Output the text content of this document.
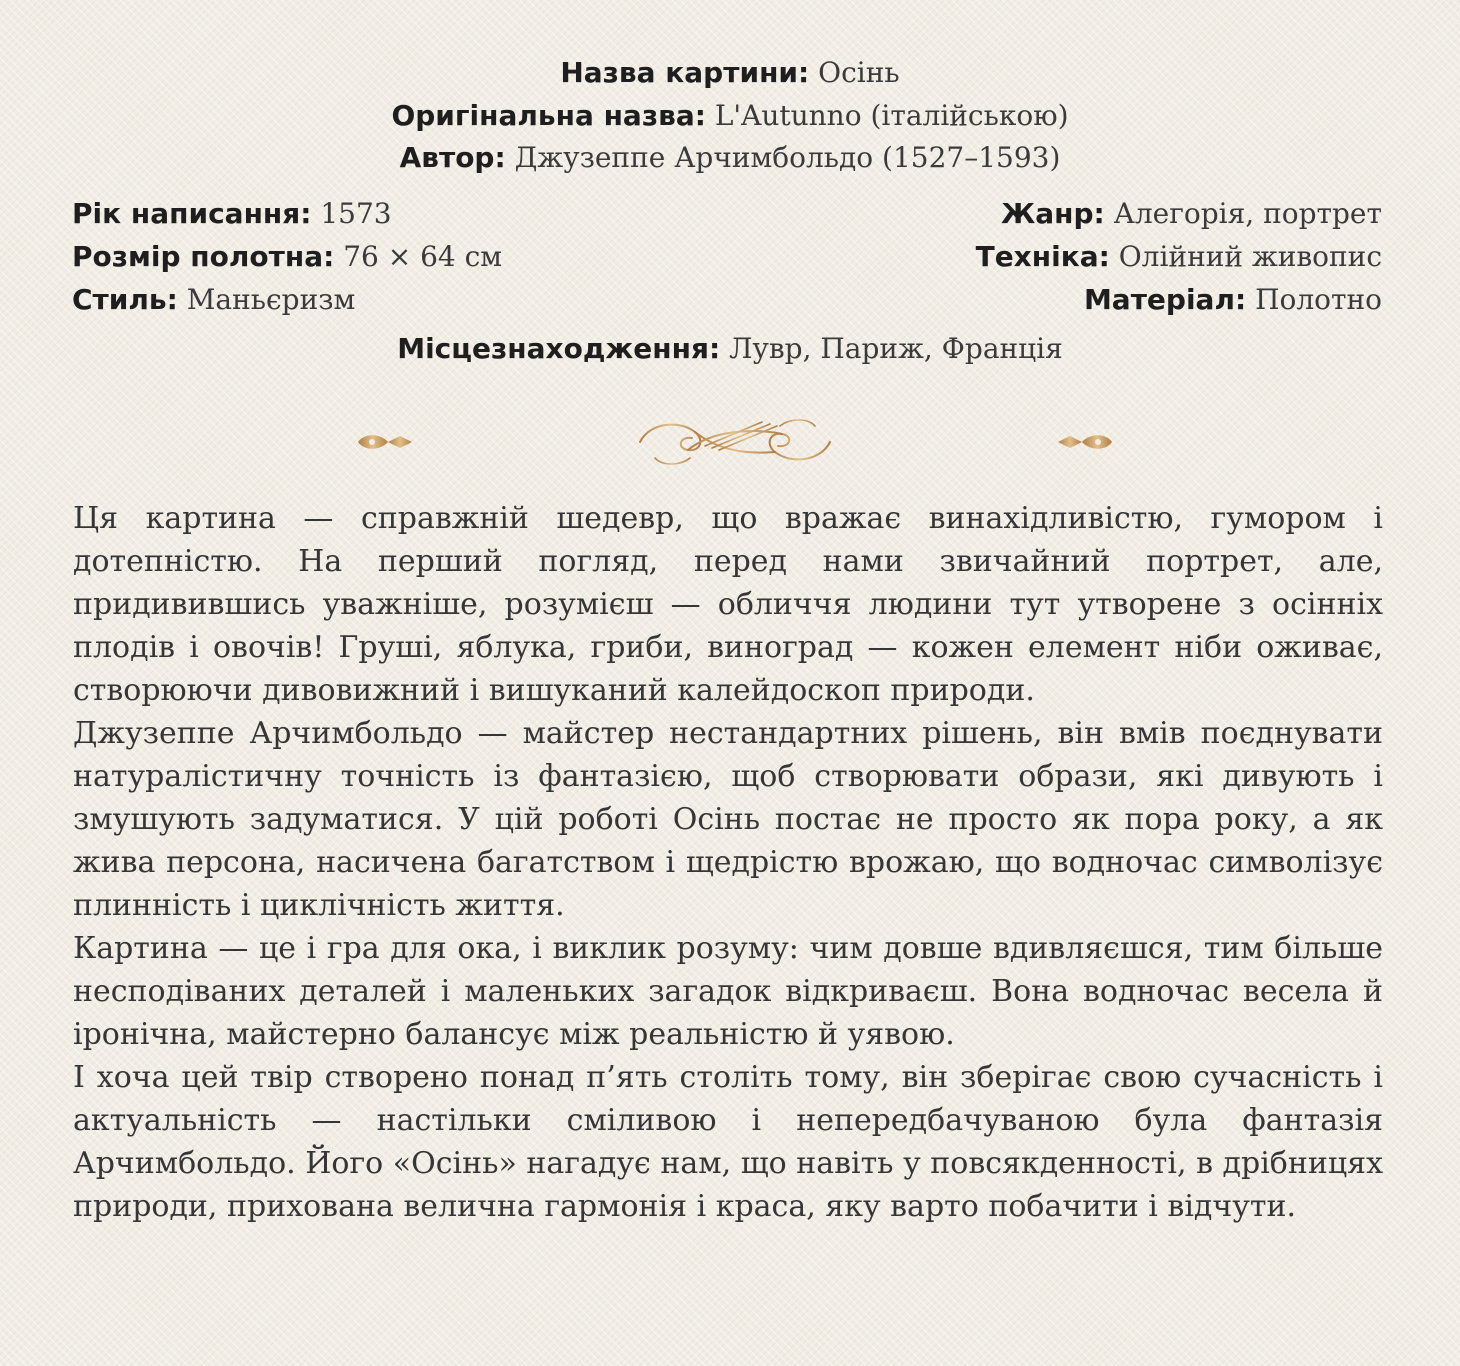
Назва картини: Осінь
Оригінальна назва: L'Autunno (італійською)
Автор: Джузеппе Арчимбольдо (1527–1593)
Рік написання: 1573
Розмір полотна: 76 × 64 см
Стиль: Маньєризм
Жанр: Алегорія, портрет
Техніка: Олійний живопис
Матеріал: Полотно
Місцезнаходження: Лувр, Париж, Франція

Ця картина — справжній шедевр, що вражає винахідливістю, гумором і дотепністю. На перший погляд, перед нами звичайний портрет, але, придивившись уважніше, розумієш — обличчя людини тут утворене з осінніх плодів і овочів! Груші, яблука, гриби, виноград — кожен елемент ніби оживає, створюючи дивовижний і вишуканий калейдоскоп природи.

Джузеппе Арчимбольдо — майстер нестандартних рішень, він вмів поєднувати натуралістичну точність із фантазією, щоб створювати образи, які дивують і змушують задуматися. У цій роботі Осінь постає не просто як пора року, а як жива персона, насичена багатством і щедрістю врожаю, що водночас символізує плинність і циклічність життя.

Картина — це і гра для ока, і виклик розуму: чим довше вдивляєшся, тим більше несподіваних деталей і маленьких загадок відкриваєш. Вона водночас весела й іронічна, майстерно балансує між реальністю й уявою.

І хоча цей твір створено понад п’ять століть тому, він зберігає свою сучасність і актуальність — настільки сміливою і непередбачуваною була фантазія Арчимбольдо. Його «Осінь» нагадує нам, що навіть у повсякденності, в дрібницях природи, прихована велична гармонія і краса, яку варто побачити і відчути.
